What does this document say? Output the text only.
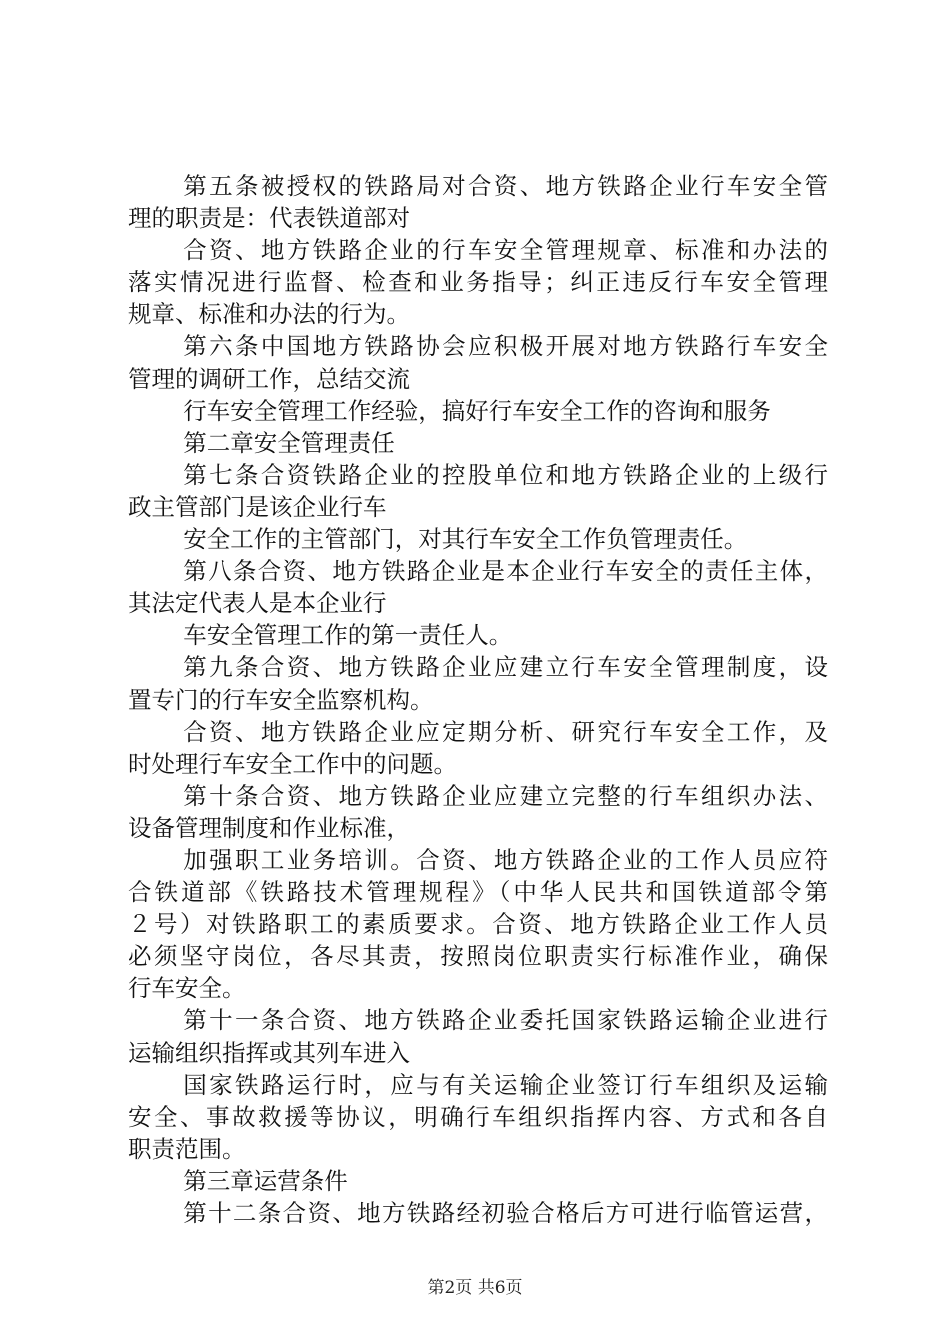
第五条被授权的铁路局对合资、地方铁路企业行车安全管
理的职责是：代表铁道部对
合资、地方铁路企业的行车安全管理规章、标准和办法的
落实情况进行监督、检查和业务指导；纠正违反行车安全管理
规章、标准和办法的行为。
第六条中国地方铁路协会应积极开展对地方铁路行车安全
管理的调研工作，总结交流
行车安全管理工作经验，搞好行车安全工作的咨询和服务
第二章安全管理责任
第七条合资铁路企业的控股单位和地方铁路企业的上级行
政主管部门是该企业行车
安全工作的主管部门，对其行车安全工作负管理责任。
第八条合资、地方铁路企业是本企业行车安全的责任主体，
其法定代表人是本企业行
车安全管理工作的第一责任人。
第九条合资、地方铁路企业应建立行车安全管理制度，设
置专门的行车安全监察机构。
合资、地方铁路企业应定期分析、研究行车安全工作，及
时处理行车安全工作中的问题。
第十条合资、地方铁路企业应建立完整的行车组织办法、
设备管理制度和作业标准，
加强职工业务培训。合资、地方铁路企业的工作人员应符
合铁道部《铁路技术管理规程》（中华人民共和国铁道部令第
２号）对铁路职工的素质要求。合资、地方铁路企业工作人员
必须坚守岗位，各尽其责，按照岗位职责实行标准作业，确保
行车安全。
第十一条合资、地方铁路企业委托国家铁路运输企业进行
运输组织指挥或其列车进入
国家铁路运行时，应与有关运输企业签订行车组织及运输
安全、事故救援等协议，明确行车组织指挥内容、方式和各自
职责范围。
第三章运营条件
第十二条合资、地方铁路经初验合格后方可进行临管运营，
第2页 共6页
